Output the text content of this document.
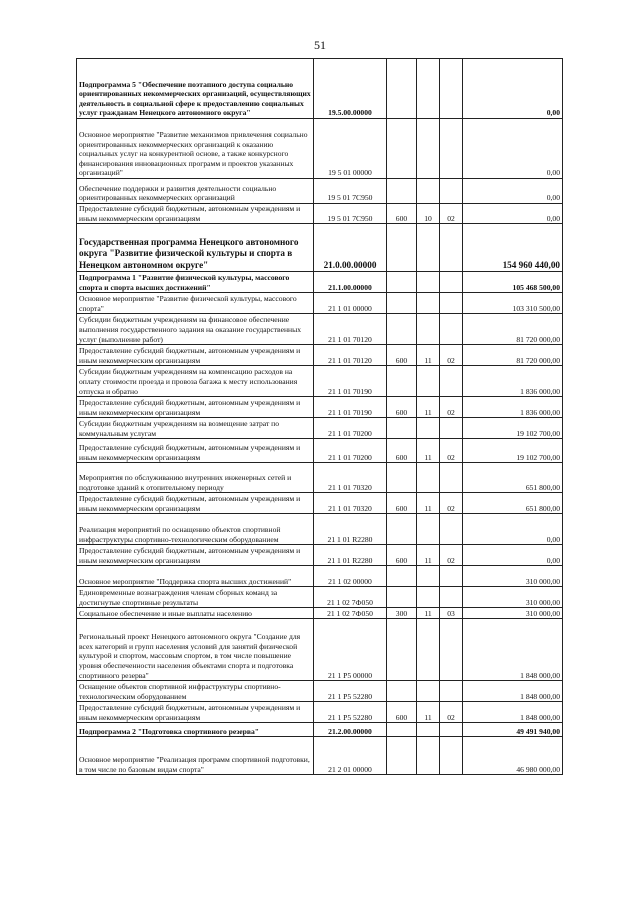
51
Подпрограмма 5 "Обеспечение поэтапного доступа социально ориентированных некоммерческих организаций, осуществляющих деятельность в социальной сфере к предоставлению социальных услуг гражданам Ненецкого автономного округа"	19.5.00.00000				0,00
Основное мероприятие "Развитие механизмов привлечения социально ориентированных некоммерческих организаций к оказанию социальных услуг на конкурентной основе, а также конкурсного финансирования инновационных программ и проектов указанных организаций"	19 5 01 00000				0,00
Обеспечение поддержки и развития деятельности социально ориентированных некоммерческих организаций	19 5 01 7С950				0,00
Предоставление субсидий бюджетным, автономным учреждениям и иным некоммерческим организациям	19 5 01 7С950	600	10	02	0,00
Государственная программа Ненецкого автономного округа "Развитие физической культуры и спорта в Ненецком автономном округе"	21.0.00.00000				154 960 440,00
Подпрограмма 1 "Развитие физической культуры, массового спорта и спорта высших достижений"	21.1.00.00000				105 468 500,00
Основное мероприятие "Развитие физической культуры, массового спорта"	21 1 01 00000				103 310 500,00
Субсидии бюджетным учреждениям на финансовое обеспечение выполнения государственного задания на оказание государственных услуг (выполнение работ)	21 1 01 70120				81 720 000,00
Предоставление субсидий бюджетным, автономным учреждениям и иным некоммерческим организациям	21 1 01 70120	600	11	02	81 720 000,00
Субсидии бюджетным учреждениям на компенсацию расходов на оплату стоимости проезда и провоза багажа к месту использования отпуска и обратно	21 1 01 70190				1 836 000,00
Предоставление субсидий бюджетным, автономным учреждениям и иным некоммерческим организациям	21 1 01 70190	600	11	02	1 836 000,00
Субсидии бюджетным учреждениям на возмещение затрат по коммунальным услугам	21 1 01 70200				19 102 700,00
Предоставление субсидий бюджетным, автономным учреждениям и иным некоммерческим организациям	21 1 01 70200	600	11	02	19 102 700,00
Мероприятия по обслуживанию внутренних инженерных сетей и подготовке зданий к отопительному периоду	21 1 01 70320				651 800,00
Предоставление субсидий бюджетным, автономным учреждениям и иным некоммерческим организациям	21 1 01 70320	600	11	02	651 800,00
Реализация мероприятий по оснащению объектов спортивной инфраструктуры спортивно-технологическим оборудованием	21 1 01 R2280				0,00
Предоставление субсидий бюджетным, автономным учреждениям и иным некоммерческим организациям	21 1 01 R2280	600	11	02	0,00
Основное мероприятие "Поддержка спорта высших достижений"	21 1 02 00000				310 000,00
Единовременные вознаграждения членам сборных команд за достигнутые спортивные результаты	21 1 02 7Ф050				310 000,00
Социальное обеспечение и иные выплаты населению	21 1 02 7Ф050	300	11	03	310 000,00
Региональный проект Ненецкого автономного округа "Создание для всех категорий и групп населения условий для занятий физической культурой и спортом, массовым спортом, в том числе повышение уровня обеспеченности населения объектами спорта и подготовка спортивного резерва"	21 1 Р5 00000				1 848 000,00
Оснащение объектов спортивной инфраструктуры спортивно-технологическим оборудованием	21 1 Р5 52280				1 848 000,00
Предоставление субсидий бюджетным, автономным учреждениям и иным некоммерческим организациям	21 1 Р5 52280	600	11	02	1 848 000,00
Подпрограмма 2 "Подготовка спортивного резерва"	21.2.00.00000				49 491 940,00
Основное мероприятие "Реализация программ спортивной подготовки, в том числе по базовым видам спорта"	21 2 01 00000				46 980 000,00
